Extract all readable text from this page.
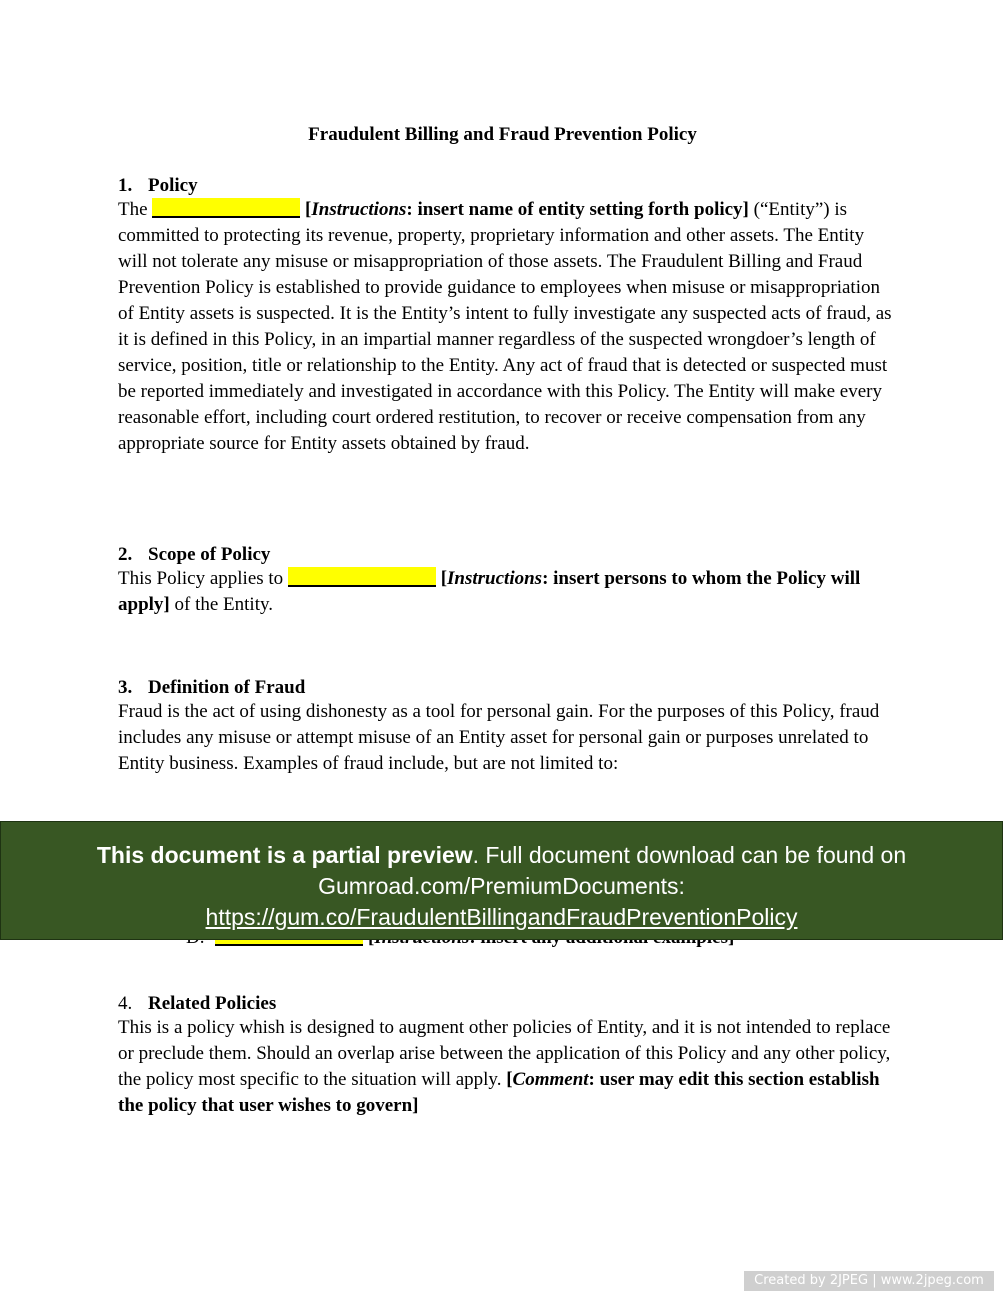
Fraudulent Billing and Fraud Prevention Policy
1. Policy
The	[Instructions: insert name of entity setting forth policy] (“Entity”) is committed to protecting its revenue, property, proprietary information and other assets. The Entity will not tolerate any misuse or misappropriation of those assets. The Fraudulent Billing and Fraud Prevention Policy is established to provide guidance to employees when misuse or misappropriation of Entity assets is suspected. It is the Entity’s intent to fully investigate any suspected acts of fraud, as it is defined in this Policy, in an impartial manner regardless of the suspected wrongdoer’s length of service, position, title or relationship to the Entity. Any act of fraud that is detected or suspected must be reported immediately and investigated in accordance with this Policy. The Entity will make every reasonable effort, including court ordered restitution, to recover or receive compensation from any appropriate source for Entity assets obtained by fraud.
2. Scope of Policy
This Policy applies to	[Instructions: insert persons to whom the Policy will apply] of the Entity.
3. Definition of Fraud
Fraud is the act of using dishonesty as a tool for personal gain. For the purposes of this Policy, fraud includes any misuse or attempt misuse of an Entity asset for personal gain or purposes unrelated to Entity business. Examples of fraud include, but are not limited to:
4. Related Policies
This is a policy whish is designed to augment other policies of Entity, and it is not intended to replace or preclude them. Should an overlap arise between the application of this Policy and any other policy, the policy most specific to the situation will apply. [Comment: user may edit this section establish the policy that user wishes to govern]
This document is a partial preview. Full document download can be found on
Gumroad.com/PremiumDocuments:
https://gum.co/FraudulentBillingandFraudPreventionPolicy
Created by 2JPEG | www.2jpeg.com
